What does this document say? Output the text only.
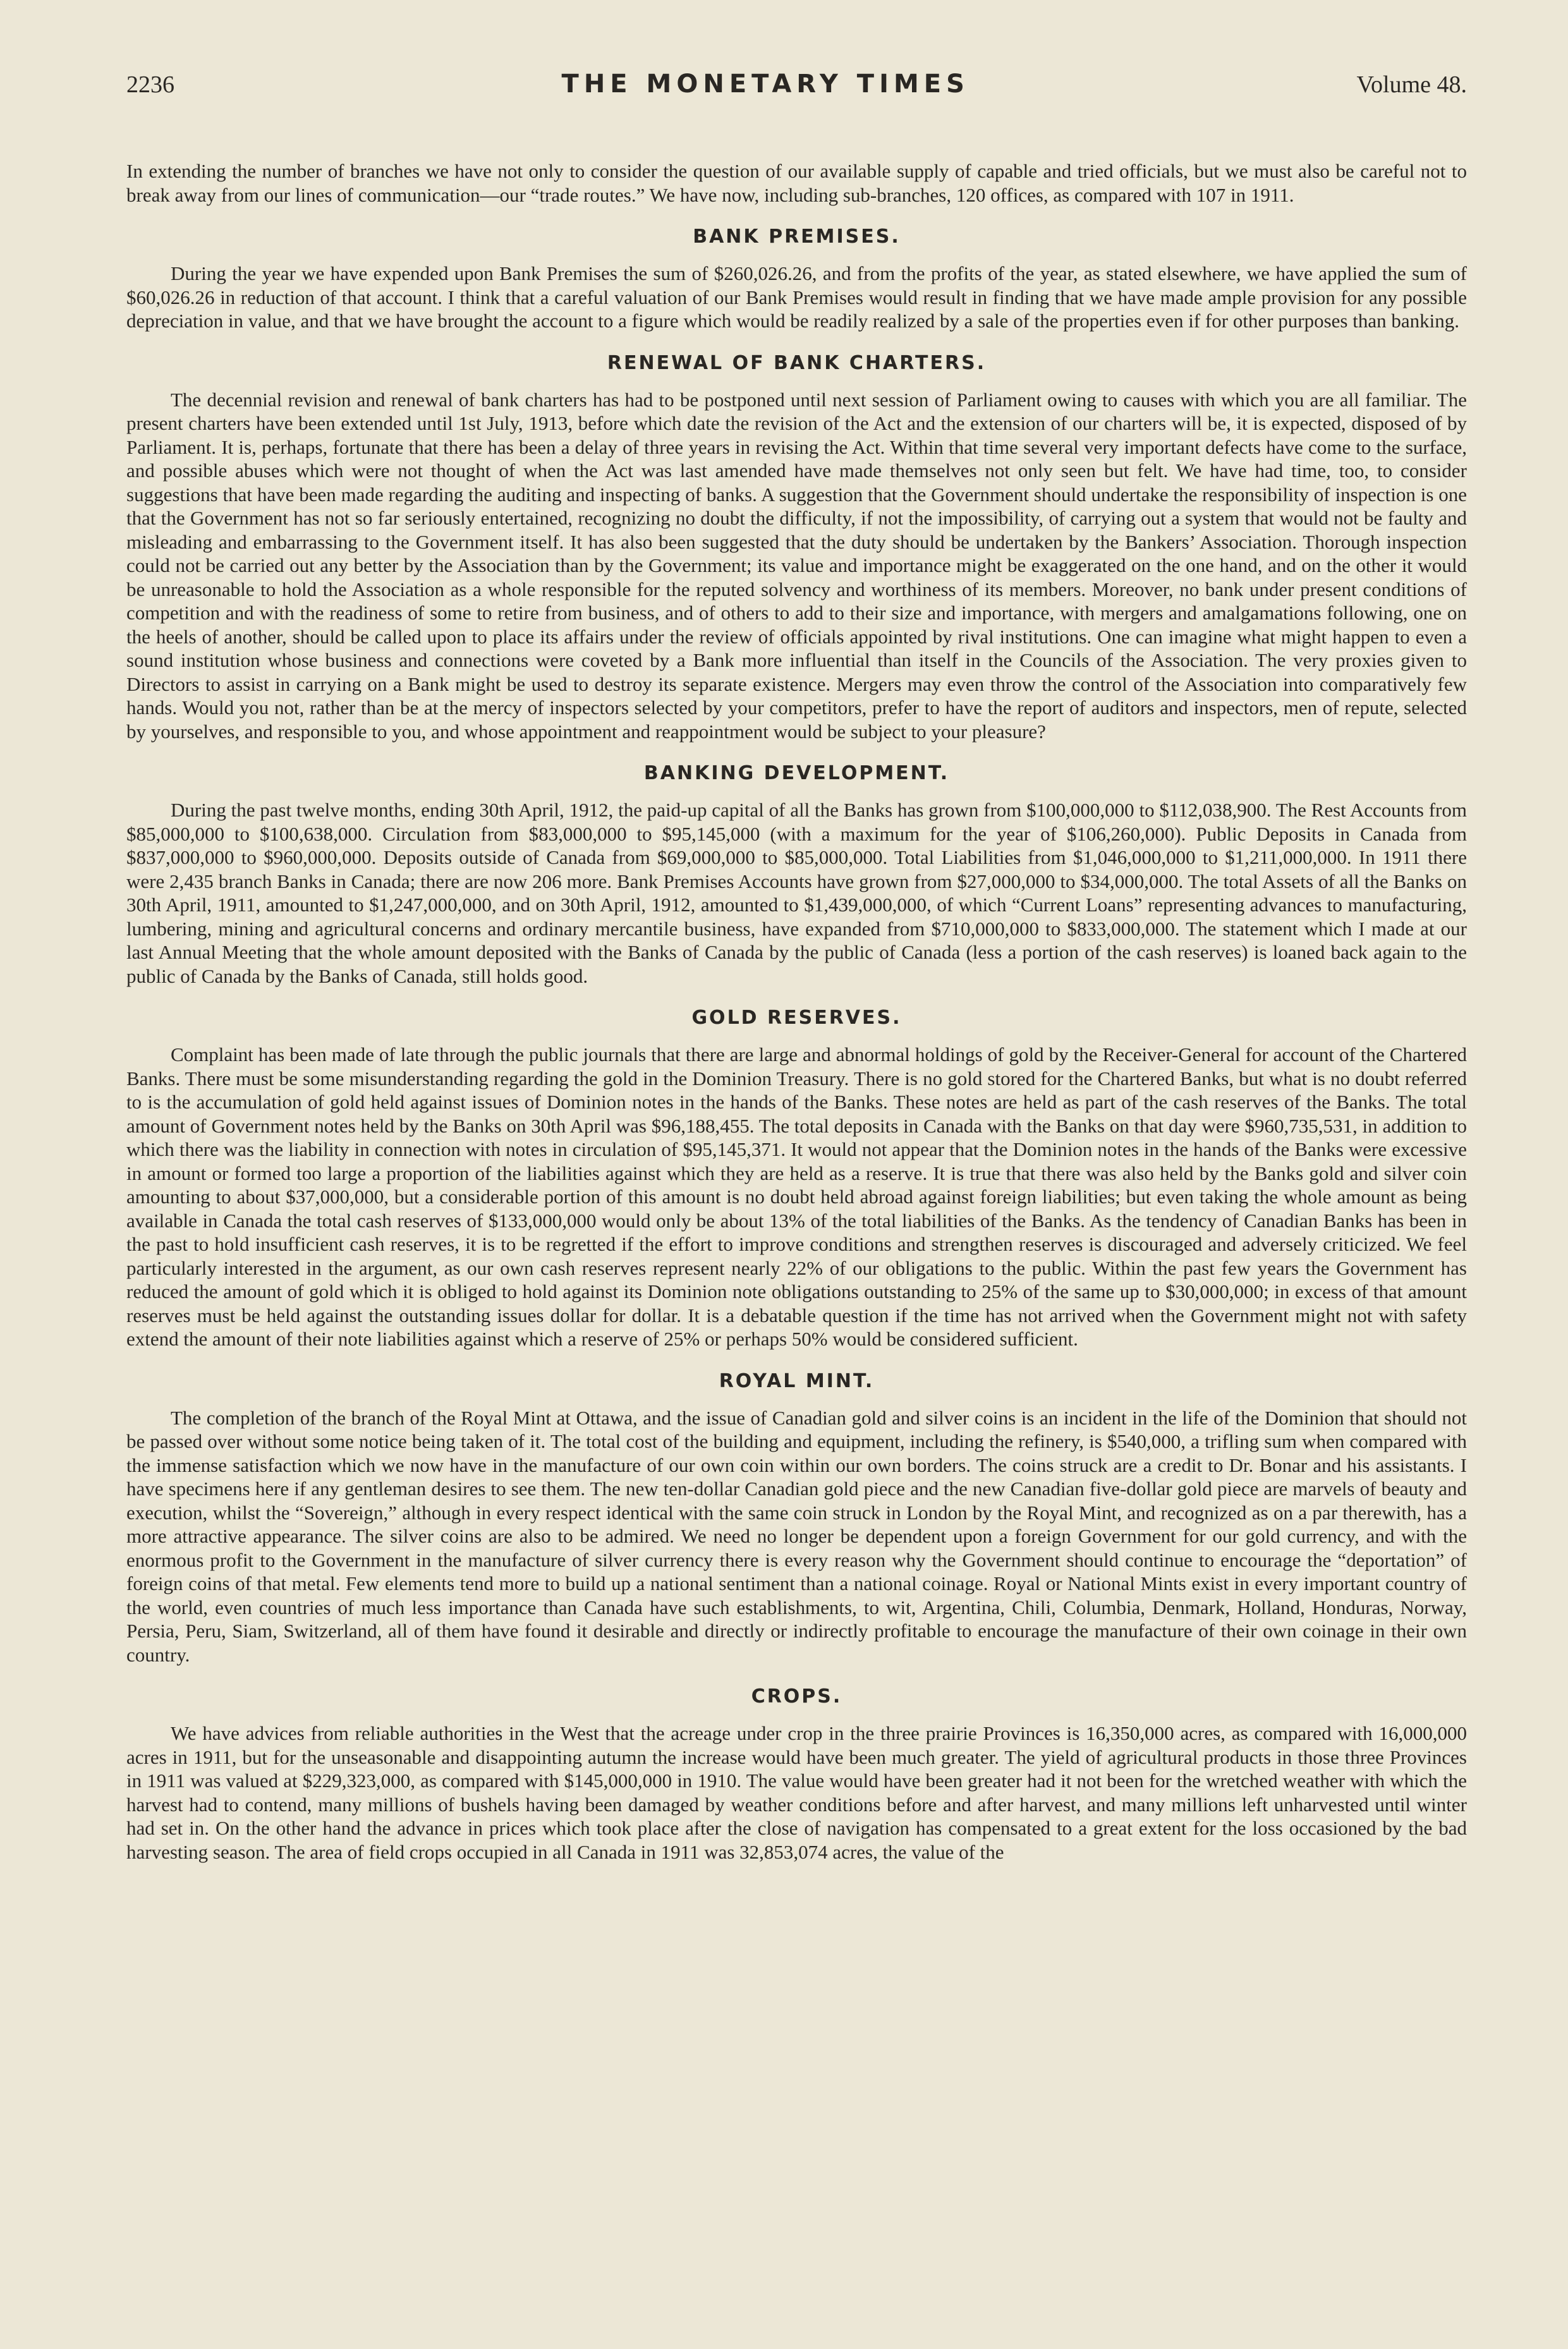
2236	THE MONETARY TIMES	Volume 48.

In extending the number of branches we have not only to consider the question of our available supply of capable and tried officials, but we must also be careful not to break away from our lines of communication—our “trade routes.” We have now, including sub-branches, 120 offices, as compared with 107 in 1911.

BANK PREMISES.

During the year we have expended upon Bank Premises the sum of $260,026.26, and from the profits of the year, as stated elsewhere, we have applied the sum of $60,026.26 in reduction of that account. I think that a careful valuation of our Bank Premises would result in finding that we have made ample provision for any possible depreciation in value, and that we have brought the account to a figure which would be readily realized by a sale of the properties even if for other purposes than banking.

RENEWAL OF BANK CHARTERS.

The decennial revision and renewal of bank charters has had to be postponed until next session of Parliament owing to causes with which you are all familiar. The present charters have been extended until 1st July, 1913, before which date the revision of the Act and the extension of our charters will be, it is expected, disposed of by Parliament. It is, perhaps, fortunate that there has been a delay of three years in revising the Act. Within that time several very important defects have come to the surface, and possible abuses which were not thought of when the Act was last amended have made themselves not only seen but felt. We have had time, too, to consider suggestions that have been made regarding the auditing and inspecting of banks. A suggestion that the Government should undertake the responsibility of inspection is one that the Government has not so far seriously entertained, recognizing no doubt the difficulty, if not the impossibility, of carrying out a system that would not be faulty and misleading and embarrassing to the Government itself. It has also been suggested that the duty should be undertaken by the Bankers’ Association. Thorough inspection could not be carried out any better by the Association than by the Government; its value and importance might be exaggerated on the one hand, and on the other it would be unreasonable to hold the Association as a whole responsible for the reputed solvency and worthiness of its members. Moreover, no bank under present conditions of competition and with the readiness of some to retire from business, and of others to add to their size and importance, with mergers and amalgamations following, one on the heels of another, should be called upon to place its affairs under the review of officials appointed by rival institutions. One can imagine what might happen to even a sound institution whose business and connections were coveted by a Bank more influential than itself in the Councils of the Association. The very proxies given to Directors to assist in carrying on a Bank might be used to destroy its separate existence. Mergers may even throw the control of the Association into comparatively few hands. Would you not, rather than be at the mercy of inspectors selected by your competitors, prefer to have the report of auditors and inspectors, men of repute, selected by yourselves, and responsible to you, and whose appointment and reappointment would be subject to your pleasure?

BANKING DEVELOPMENT.

During the past twelve months, ending 30th April, 1912, the paid-up capital of all the Banks has grown from $100,000,000 to $112,038,900. The Rest Accounts from $85,000,000 to $100,638,000. Circulation from $83,000,000 to $95,145,000 (with a maximum for the year of $106,260,000). Public Deposits in Canada from $837,000,000 to $960,000,000. Deposits outside of Canada from $69,000,000 to $85,000,000. Total Liabilities from $1,046,000,000 to $1,211,000,000. In 1911 there were 2,435 branch Banks in Canada; there are now 206 more. Bank Premises Accounts have grown from $27,000,000 to $34,000,000. The total Assets of all the Banks on 30th April, 1911, amounted to $1,247,000,000, and on 30th April, 1912, amounted to $1,439,000,000, of which “Current Loans” representing advances to manufacturing, lumbering, mining and agricultural concerns and ordinary mercantile business, have expanded from $710,000,000 to $833,000,000. The statement which I made at our last Annual Meeting that the whole amount deposited with the Banks of Canada by the public of Canada (less a portion of the cash reserves) is loaned back again to the public of Canada by the Banks of Canada, still holds good.

GOLD RESERVES.

Complaint has been made of late through the public journals that there are large and abnormal holdings of gold by the Receiver-General for account of the Chartered Banks. There must be some misunderstanding regarding the gold in the Dominion Treasury. There is no gold stored for the Chartered Banks, but what is no doubt referred to is the accumulation of gold held against issues of Dominion notes in the hands of the Banks. These notes are held as part of the cash reserves of the Banks. The total amount of Government notes held by the Banks on 30th April was $96,188,455. The total deposits in Canada with the Banks on that day were $960,735,531, in addition to which there was the liability in connection with notes in circulation of $95,145,371. It would not appear that the Dominion notes in the hands of the Banks were excessive in amount or formed too large a proportion of the liabilities against which they are held as a reserve. It is true that there was also held by the Banks gold and silver coin amounting to about $37,000,000, but a considerable portion of this amount is no doubt held abroad against foreign liabilities; but even taking the whole amount as being available in Canada the total cash reserves of $133,000,000 would only be about 13% of the total liabilities of the Banks. As the tendency of Canadian Banks has been in the past to hold insufficient cash reserves, it is to be regretted if the effort to improve conditions and strengthen reserves is discouraged and adversely criticized. We feel particularly interested in the argument, as our own cash reserves represent nearly 22% of our obligations to the public. Within the past few years the Government has reduced the amount of gold which it is obliged to hold against its Dominion note obligations outstanding to 25% of the same up to $30,000,000; in excess of that amount reserves must be held against the outstanding issues dollar for dollar. It is a debatable question if the time has not arrived when the Government might not with safety extend the amount of their note liabilities against which a reserve of 25% or perhaps 50% would be considered sufficient.

ROYAL MINT.

The completion of the branch of the Royal Mint at Ottawa, and the issue of Canadian gold and silver coins is an incident in the life of the Dominion that should not be passed over without some notice being taken of it. The total cost of the building and equipment, including the refinery, is $540,000, a trifling sum when compared with the immense satisfaction which we now have in the manufacture of our own coin within our own borders. The coins struck are a credit to Dr. Bonar and his assistants. I have specimens here if any gentleman desires to see them. The new ten-dollar Canadian gold piece and the new Canadian five-dollar gold piece are marvels of beauty and execution, whilst the “Sovereign,” although in every respect identical with the same coin struck in London by the Royal Mint, and recognized as on a par therewith, has a more attractive appearance. The silver coins are also to be admired. We need no longer be dependent upon a foreign Government for our gold currency, and with the enormous profit to the Government in the manufacture of silver currency there is every reason why the Government should continue to encourage the “deportation” of foreign coins of that metal. Few elements tend more to build up a national sentiment than a national coinage. Royal or National Mints exist in every important country of the world, even countries of much less importance than Canada have such establishments, to wit, Argentina, Chili, Columbia, Denmark, Holland, Honduras, Norway, Persia, Peru, Siam, Switzerland, all of them have found it desirable and directly or indirectly profitable to encourage the manufacture of their own coinage in their own country.

CROPS.

We have advices from reliable authorities in the West that the acreage under crop in the three prairie Provinces is 16,350,000 acres, as compared with 16,000,000 acres in 1911, but for the unseasonable and disappointing autumn the increase would have been much greater. The yield of agricultural products in those three Provinces in 1911 was valued at $229,323,000, as compared with $145,000,000 in 1910. The value would have been greater had it not been for the wretched weather with which the harvest had to contend, many millions of bushels having been damaged by weather conditions before and after harvest, and many millions left unharvested until winter had set in. On the other hand the advance in prices which took place after the close of navigation has compensated to a great extent for the loss occasioned by the bad harvesting season. The area of field crops occupied in all Canada in 1911 was 32,853,074 acres, the value of the
